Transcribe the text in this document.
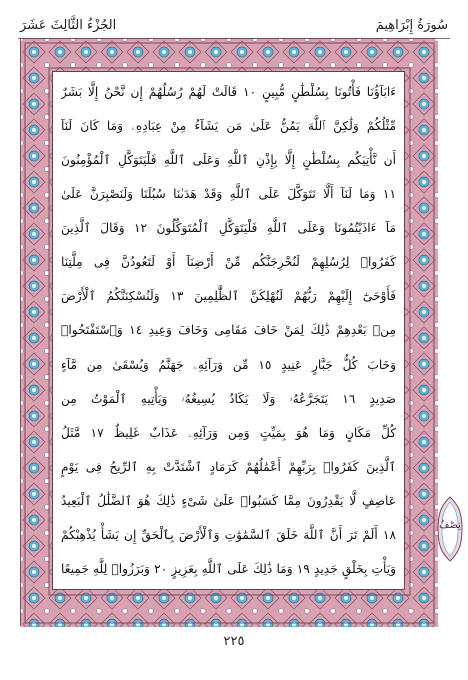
الجُزْءُ الثَّالِثَ عَشَرَ	سُورَةُ إِبْرَاهِيمَ
ءَابَآؤُنَا فَأْتُونَا بِسُلْطَٰنٍ مُّبِينٍ ١٠ قَالَتْ لَهُمْ رُسُلُهُمْ إِن نَّحْنُ إِلَّا بَشَرٌ
مِّثْلُكُمْ وَلَٰكِنَّ ٱللَّهَ يَمُنُّ عَلَىٰ مَن يَشَآءُ مِنْ عِبَادِهِۦ وَمَا كَانَ لَنَآ
أَن نَّأْتِيَكُم بِسُلْطَٰنٍ إِلَّا بِإِذْنِ ٱللَّهِ وَعَلَى ٱللَّهِ فَلْيَتَوَكَّلِ ٱلْمُؤْمِنُونَ
١١ وَمَا لَنَآ أَلَّا نَتَوَكَّلَ عَلَى ٱللَّهِ وَقَدْ هَدَىٰنَا سُبُلَنَا وَلَنَصْبِرَنَّ عَلَىٰ
مَآ ءَاذَيْتُمُونَا وَعَلَى ٱللَّهِ فَلْيَتَوَكَّلِ ٱلْمُتَوَكِّلُونَ ١٢ وَقَالَ ٱلَّذِينَ
كَفَرُوا۟ لِرُسُلِهِمْ لَنُخْرِجَنَّكُم مِّنْ أَرْضِنَآ أَوْ لَتَعُودُنَّ فِى مِلَّتِنَا
فَأَوْحَىٰٓ إِلَيْهِمْ رَبُّهُمْ لَنُهْلِكَنَّ ٱلظَّٰلِمِينَ ١٣ وَلَنُسْكِنَنَّكُمُ ٱلْأَرْضَ
مِنۢ بَعْدِهِمْ ذَٰلِكَ لِمَنْ خَافَ مَقَامِى وَخَافَ وَعِيدِ ١٤ وَٱسْتَفْتَحُوا۟
وَخَابَ كُلُّ جَبَّارٍ عَنِيدٍ ١٥ مِّن وَرَآئِهِۦ جَهَنَّمُ وَيُسْقَىٰ مِن مَّآءٍ
صَدِيدٍ ١٦ يَتَجَرَّعُهُۥ وَلَا يَكَادُ يُسِيغُهُۥ وَيَأْتِيهِ ٱلْمَوْتُ مِن
كُلِّ مَكَانٍ وَمَا هُوَ بِمَيِّتٍ وَمِن وَرَآئِهِۦ عَذَابٌ غَلِيظٌ ١٧ مَّثَلُ
ٱلَّذِينَ كَفَرُوا۟ بِرَبِّهِمْ أَعْمَٰلُهُمْ كَرَمَادٍ ٱشْتَدَّتْ بِهِ ٱلرِّيحُ فِى يَوْمٍ
عَاصِفٍ لَّا يَقْدِرُونَ مِمَّا كَسَبُوا۟ عَلَىٰ شَىْءٍ ذَٰلِكَ هُوَ ٱلضَّلَٰلُ ٱلْبَعِيدُ
١٨ أَلَمْ تَرَ أَنَّ ٱللَّهَ خَلَقَ ٱلسَّمَٰوَٰتِ وَٱلْأَرْضَ بِٱلْحَقِّ إِن يَشَأْ يُذْهِبْكُمْ
وَيَأْتِ بِخَلْقٍ جَدِيدٍ ١٩ وَمَا ذَٰلِكَ عَلَى ٱللَّهِ بِعَزِيزٍ ٢٠ وَبَرَزُوا۟ لِلَّهِ جَمِيعًا
نِصْفُ
٢٢٥
